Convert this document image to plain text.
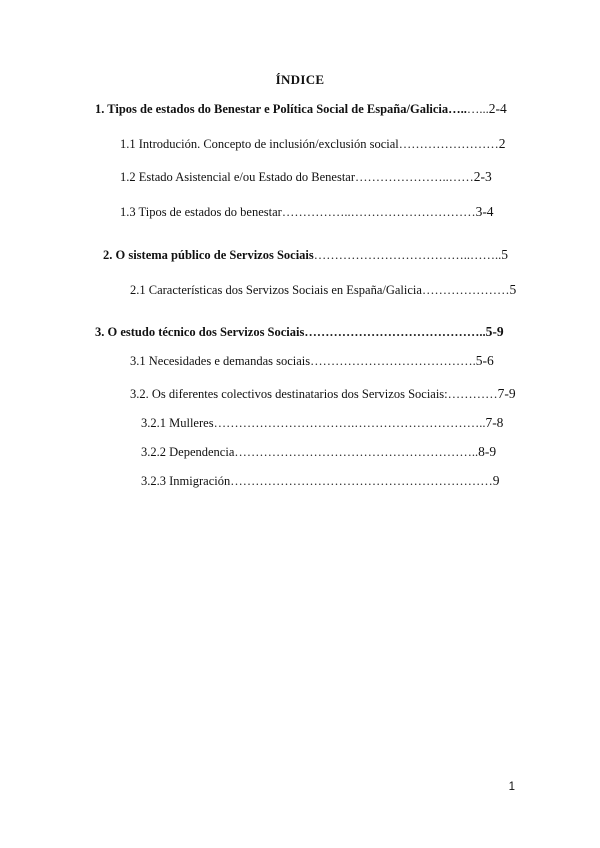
ÍNDICE
1. Tipos de estados do Benestar e Política Social de España/Galicia…..…...2-4
1.1 Introdución. Concepto de inclusión/exclusión social……………………2
1.2 Estado Asistencial e/ou Estado do Benestar…………………..……2-3
1.3 Tipos de estados do benestar……………..…………………………3-4
2. O sistema público de Servizos Sociais………………………………..……..5
2.1 Características dos Servizos Sociais en España/Galicia…………………5
3. O estudo técnico dos Servizos Sociais……………………………………..5-9
3.1 Necesidades e demandas sociais………………………………….5-6
3.2. Os diferentes colectivos destinatarios dos Servizos Sociais:…………7-9
3.2.1 Mulleres…………………………….…………………………..7-8
3.2.2 Dependencia…………………………………………………..8-9
3.2.3 Inmigración………………………………………………………9
1
